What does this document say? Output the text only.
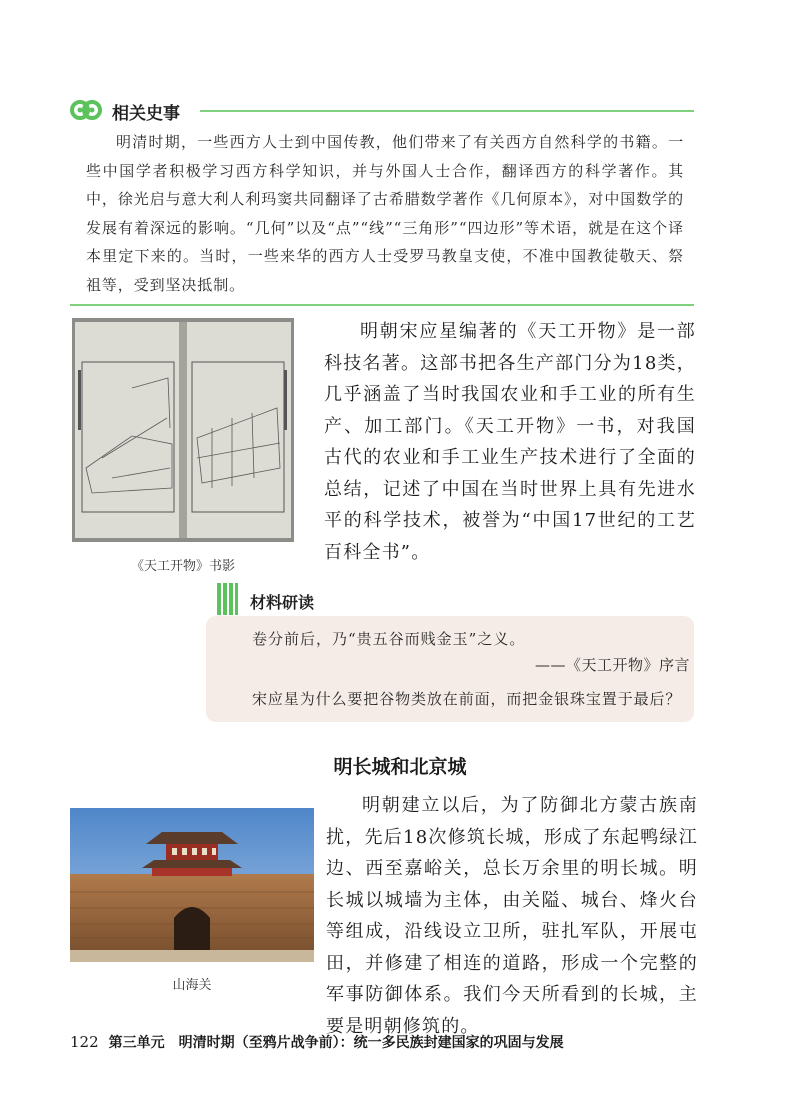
相关史事
明清时期，一些西方人士到中国传教，他们带来了有关西方自然科学的书籍。一些中国学者积极学习西方科学知识，并与外国人士合作，翻译西方的科学著作。其中，徐光启与意大利人利玛窦共同翻译了古希腊数学著作《几何原本》，对中国数学的发展有着深远的影响。“几何”以及“点”“线”“三角形”“四边形”等术语，就是在这个译本里定下来的。当时，一些来华的西方人士受罗马教皇支使，不准中国教徒敬天、祭祖等，受到坚决抵制。
《天工开物》书影
明朝宋应星编著的《天工开物》是一部科技名著。这部书把各生产部门分为18类，几乎涵盖了当时我国农业和手工业的所有生产、加工部门。《天工开物》一书，对我国古代的农业和手工业生产技术进行了全面的总结，记述了中国在当时世界上具有先进水平的科学技术，被誉为“中国17世纪的工艺百科全书”。
材料研读
卷分前后，乃“贵五谷而贱金玉”之义。
——《天工开物》序言
宋应星为什么要把谷物类放在前面，而把金银珠宝置于最后？
明长城和北京城
山海关
明朝建立以后，为了防御北方蒙古族南扰，先后18次修筑长城，形成了东起鸭绿江边、西至嘉峪关，总长万余里的明长城。明长城以城墙为主体，由关隘、城台、烽火台等组成，沿线设立卫所，驻扎军队，开展屯田，并修建了相连的道路，形成一个完整的军事防御体系。我们今天所看到的长城，主要是明朝修筑的。
122 第三单元 明清时期（至鸦片战争前）：统一多民族封建国家的巩固与发展
